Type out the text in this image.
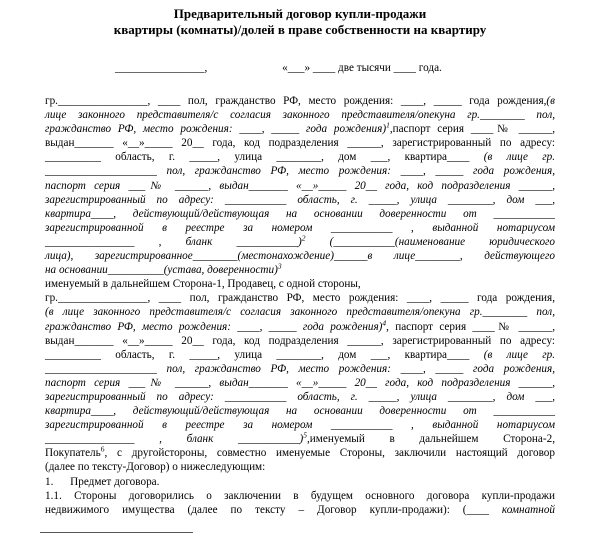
Предварительный договор купли-продажи
квартиры (комнаты)/долей в праве собственности на квартиру
________________,	«___» ____ две тысячи ____ года.
гр.________________, ____ пол, гражданство РФ, место рождения: ____, _____ года рождения,(в
лице законного представителя/с согласия законного представителя/опекуна гр.________ пол,
гражданство РФ, место рождения: ____, _____ года рождения)$^1$,паспорт серия ____№ ______,
выдан_______ «__»_____ 20__ года, код подразделения ______, зарегистрированный по адресу:
__________ область, г. _____, улица ________, дом ___, квартира____ (в лице гр.
____________________ пол, гражданство РФ, место рождения: ____, _____ года рождения,
паспорт серия ___№ ______, выдан_______ «__»_____ 20__ года, код подразделения ______,
зарегистрированный по адресу: ___________ область, г. _____, улица ________, дом ___,
квартира____, действующий/действующая на основании доверенности от ___________
зарегистрированной в реестре за номером ___________ , выданной нотариусом
________________ , бланк ___________)$^2$ (___________(наименование юридического
лица), зарегистрированное________(местонахождение)______в лице________, действующего
на основании__________(устава, доверенности)$^3$
именуемый в дальнейшем Сторона-1, Продавец, с одной стороны,
гр.________________, ____ пол, гражданство РФ, место рождения: ____, _____ года рождения,
(в лице законного представителя/с согласия законного представителя/опекуна гр.________ пол,
гражданство РФ, место рождения: ____, _____ года рождения)$^4$, паспорт серия ____№ ______,
выдан_______ «__»_____ 20__ года, код подразделения ______, зарегистрированный по адресу:
__________ область, г. _____, улица ________, дом ___, квартира____ (в лице гр.
____________________ пол, гражданство РФ, место рождения: ____, _____ года рождения,
паспорт серия ___№ ______, выдан_______ «__»_____ 20__ года, код подразделения ______,
зарегистрированный по адресу: ___________ область, г. _____, улица ________, дом ___,
квартира____, действующий/действующая на основании доверенности от ___________
зарегистрированной в реестре за номером ___________ , выданной нотариусом
________________ , бланк ___________)$^5$,именуемый в дальнейшем Сторона-2,
Покупатель$^6$, с другойстороны, совместно именуемые Стороны, заключили настоящий договор
(далее по тексту-Договор) о нижеследующим:
1.      Предмет договора.
1.1. Стороны договорились о заключении в будущем основного договора купли-продажи
недвижимого имущества (далее по тексту – Договор купли-продажи): (____ комнатной
